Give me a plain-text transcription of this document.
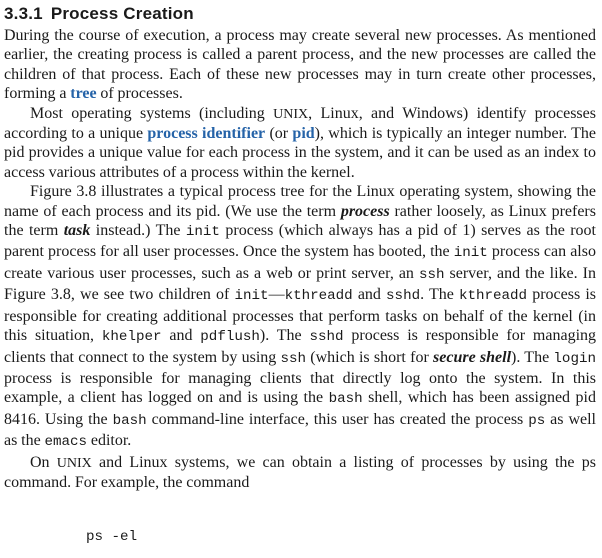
3.3.1 Process Creation

During the course of execution, a process may create several new processes. As mentioned earlier, the creating process is called a parent process, and the new processes are called the children of that process. Each of these new processes may in turn create other processes, forming a tree of processes.

Most operating systems (including UNIX, Linux, and Windows) identify processes according to a unique process identifier (or pid), which is typically an integer number. The pid provides a unique value for each process in the system, and it can be used as an index to access various attributes of a process within the kernel.

Figure 3.8 illustrates a typical process tree for the Linux operating system, showing the name of each process and its pid. (We use the term process rather loosely, as Linux prefers the term task instead.) The init process (which always has a pid of 1) serves as the root parent process for all user processes. Once the system has booted, the init process can also create various user processes, such as a web or print server, an ssh server, and the like. In Figure 3.8, we see two children of init—kthreadd and sshd. The kthreadd process is responsible for creating additional processes that perform tasks on behalf of the kernel (in this situation, khelper and pdflush). The sshd process is responsible for managing clients that connect to the system by using ssh (which is short for secure shell). The login process is responsible for managing clients that directly log onto the system. In this example, a client has logged on and is using the bash shell, which has been assigned pid 8416. Using the bash command-line interface, this user has created the process ps as well as the emacs editor.

On UNIX and Linux systems, we can obtain a listing of processes by using the ps command. For example, the command

ps -el
